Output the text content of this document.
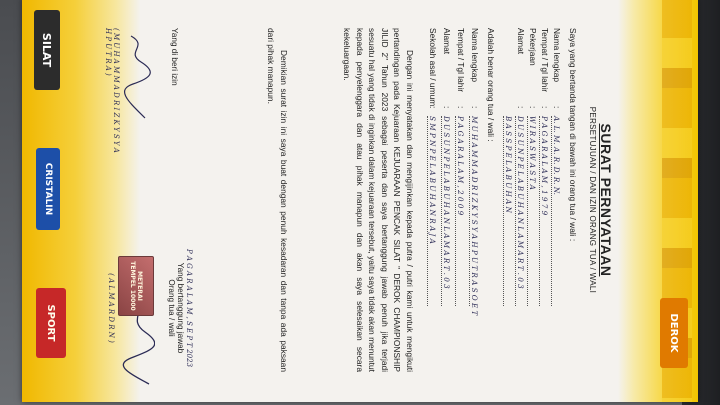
DEROK
SILAT
CRISTALIN
SPORT
SURAT PERNYATAAN
PERSETUJUAN / DAN IZIN ORANG TUA / WALI
Saya yang bertanda tangan di bawah ini orang tua / wali :
Nama lengkap:A. L. M. A. R. D. R. N.
Tempat / Tgl lahir:P A G A R A L A M , 1 9 7 9
Pekerjaan:W I R A S W A S T A
Alamat:D U S U N P E L A B U H A N L A M A R T . 0 3
B A S S P E L A B U H A N
Adalah benar orang tua / wali :
Nama lengkap:M U H A M M A D R I Z K Y S Y A H P U T R A S O E T
Tempat / Tgl lahir:P A G A R A L A M , 2 0 0 9
Alamat:D U S U N P E L A B U H A N L A M A R T . 0 3
Sekolah asal / umum:S M P N P E L A B U H A N R A J A
Dengan ini menyatakan dan mengijinkan kepada putra / putri kami untuk mengikuti pertandingan pada Kejuaraan KEJUARAAN PENCAK SILAT " DEROK CHAMPIONSHIP JILID 2" Tahun 2023 sebagai peserta dan saya bertanggung jawab penuh jika terjadi sesuatu hal yang tidak di inginkan dalam kejuaraan tersebut, yaitu saya tidak akan menuntut kepada penyelenggara dan atau pihak manapun dan akan saya selesaikan secara kekeluargaan.
Demikian surat izin ini saya buat dengan penuh kesadaran dan tanpa ada paksaan dari pihak manapun.
Yang di beri izin
( M U H A M M A D R I Z K Y S Y A H P U T R A )
P A G A R A L A M , S E P T 2023
Yang bertanggung jawab
Orang tua / wali
( A L M A R D R N )	METERAI TEMPEL 10000
